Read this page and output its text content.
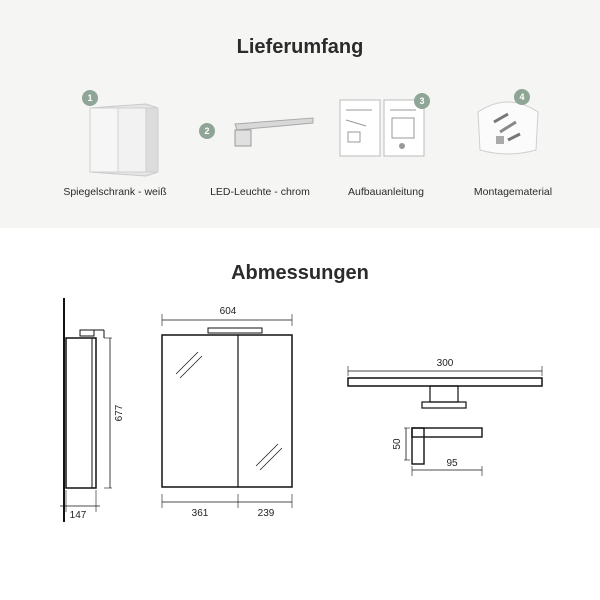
Lieferumfang
1
Spiegelschrank - weiß
2
LED-Leuchte - chrom
3
Aufbauanleitung
4
Montagematerial
Abmessungen
677
147
604
361	239
300
50
95
